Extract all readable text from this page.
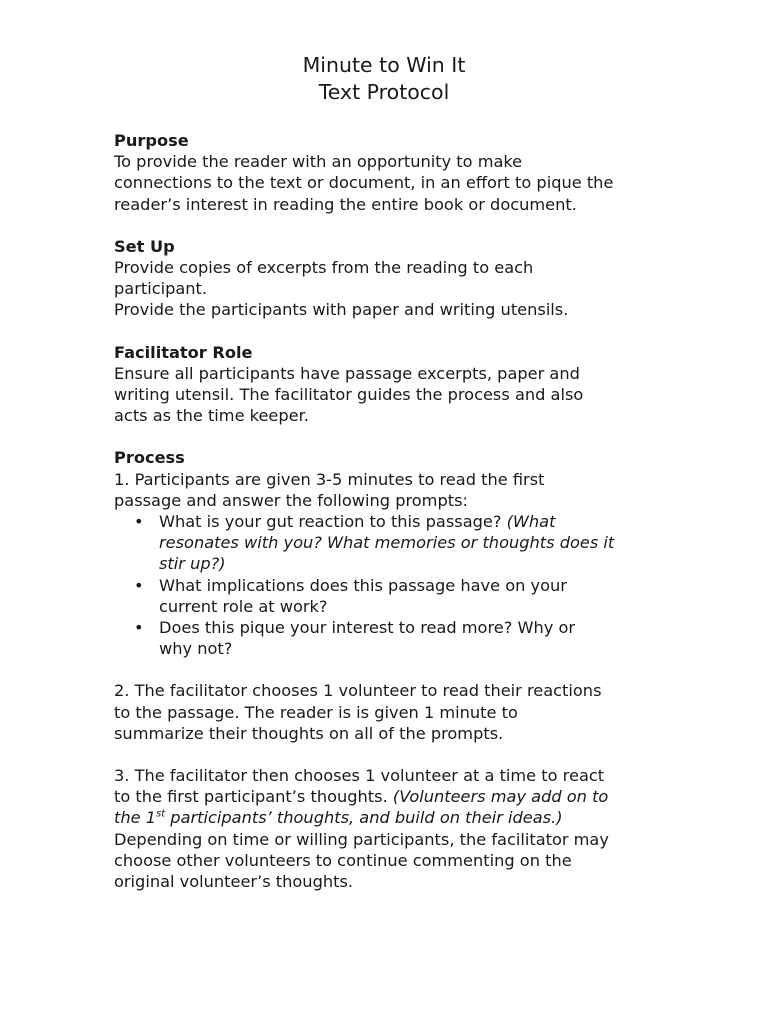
Minute to Win It
Text Protocol
Purpose
To provide the reader with an opportunity to make
connections to the text or document, in an effort to pique the
reader’s interest in reading the entire book or document.
Set Up
Provide copies of excerpts from the reading to each
participant.
Provide the participants with paper and writing utensils.
Facilitator Role
Ensure all participants have passage excerpts, paper and
writing utensil. The facilitator guides the process and also
acts as the time keeper.
Process
1. Participants are given 3-5 minutes to read the first
passage and answer the following prompts:
• What is your gut reaction to this passage? (What
resonates with you? What memories or thoughts does it
stir up?)
• What implications does this passage have on your
current role at work?
• Does this pique your interest to read more? Why or
why not?
2. The facilitator chooses 1 volunteer to read their reactions
to the passage. The reader is is given 1 minute to
summarize their thoughts on all of the prompts.
3. The facilitator then chooses 1 volunteer at a time to react
to the first participant’s thoughts. (Volunteers may add on to
the 1st participants’ thoughts, and build on their ideas.)
Depending on time or willing participants, the facilitator may
choose other volunteers to continue commenting on the
original volunteer’s thoughts.
